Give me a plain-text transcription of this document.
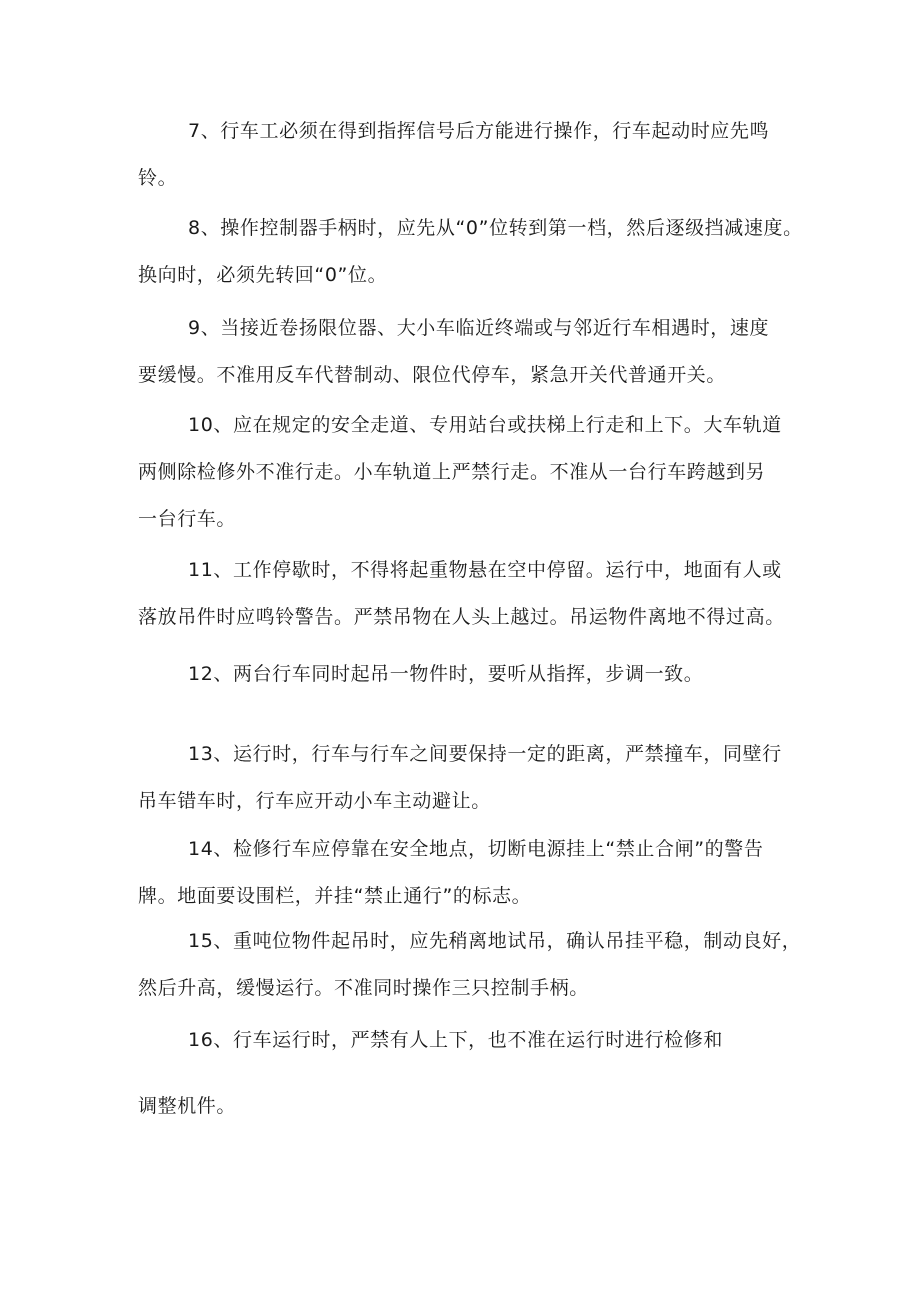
7、行车工必须在得到指挥信号后方能进行操作，行车起动时应先鸣
铃。
8、操作控制器手柄时，应先从“0”位转到第一档，然后逐级挡减速度。
换向时，必须先转回“0”位。
9、当接近卷扬限位器、大小车临近终端或与邻近行车相遇时，速度
要缓慢。不准用反车代替制动、限位代停车，紧急开关代普通开关。
10、应在规定的安全走道、专用站台或扶梯上行走和上下。大车轨道
两侧除检修外不准行走。小车轨道上严禁行走。不准从一台行车跨越到另
一台行车。
11、工作停歇时，不得将起重物悬在空中停留。运行中，地面有人或
落放吊件时应鸣铃警告。严禁吊物在人头上越过。吊运物件离地不得过高。
12、两台行车同时起吊一物件时，要听从指挥，步调一致。
13、运行时，行车与行车之间要保持一定的距离，严禁撞车，同壁行
吊车错车时，行车应开动小车主动避让。
14、检修行车应停靠在安全地点，切断电源挂上“禁止合闸”的警告
牌。地面要设围栏，并挂“禁止通行”的标志。
15、重吨位物件起吊时，应先稍离地试吊，确认吊挂平稳，制动良好，
然后升高，缓慢运行。不准同时操作三只控制手柄。
16、行车运行时，严禁有人上下，也不准在运行时进行检修和
调整机件。
